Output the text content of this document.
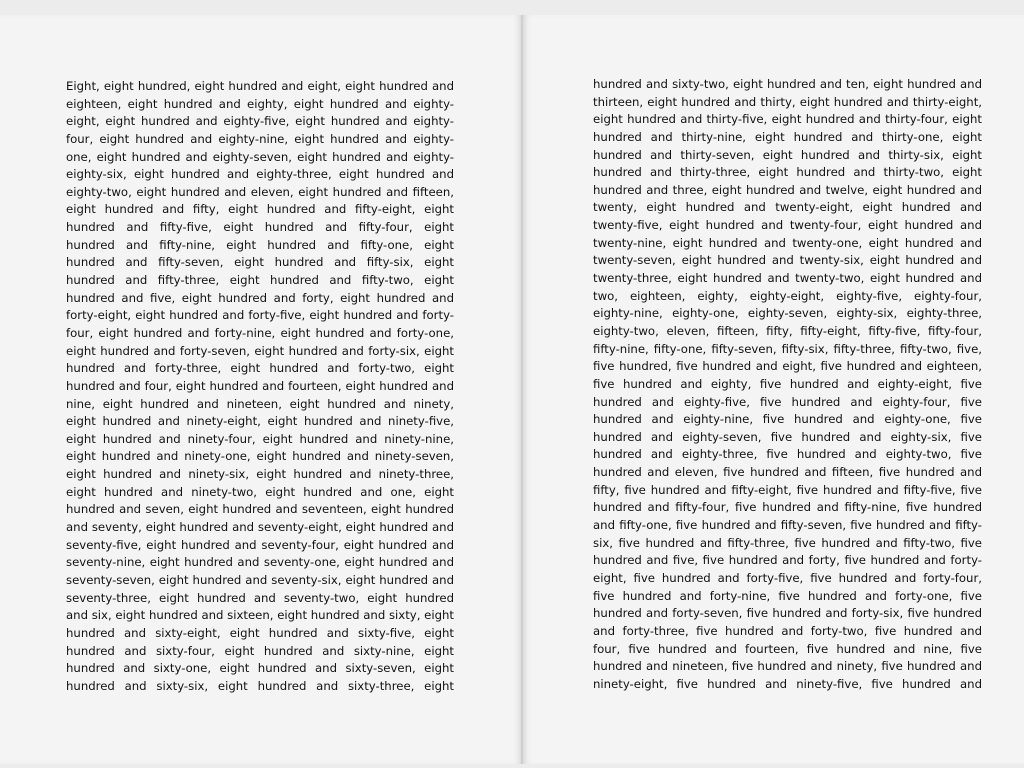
Eight, eight hundred, eight hundred and eight, eight hundred and
eighteen, eight hundred and eighty, eight hundred and eighty-
eight, eight hundred and eighty-five, eight hundred and eighty-
four, eight hundred and eighty-nine, eight hundred and eighty-
one, eight hundred and eighty-seven, eight hundred and eighty-
eighty-six, eight hundred and eighty-three, eight hundred and
eighty-two, eight hundred and eleven, eight hundred and fifteen,
eight hundred and fifty, eight hundred and fifty-eight, eight
hundred and fifty-five, eight hundred and fifty-four, eight
hundred and fifty-nine, eight hundred and fifty-one, eight
hundred and fifty-seven, eight hundred and fifty-six, eight
hundred and fifty-three, eight hundred and fifty-two, eight
hundred and five, eight hundred and forty, eight hundred and
forty-eight, eight hundred and forty-five, eight hundred and forty-
four, eight hundred and forty-nine, eight hundred and forty-one,
eight hundred and forty-seven, eight hundred and forty-six, eight
hundred and forty-three, eight hundred and forty-two, eight
hundred and four, eight hundred and fourteen, eight hundred and
nine, eight hundred and nineteen, eight hundred and ninety,
eight hundred and ninety-eight, eight hundred and ninety-five,
eight hundred and ninety-four, eight hundred and ninety-nine,
eight hundred and ninety-one, eight hundred and ninety-seven,
eight hundred and ninety-six, eight hundred and ninety-three,
eight hundred and ninety-two, eight hundred and one, eight
hundred and seven, eight hundred and seventeen, eight hundred
and seventy, eight hundred and seventy-eight, eight hundred and
seventy-five, eight hundred and seventy-four, eight hundred and
seventy-nine, eight hundred and seventy-one, eight hundred and
seventy-seven, eight hundred and seventy-six, eight hundred and
seventy-three, eight hundred and seventy-two, eight hundred
and six, eight hundred and sixteen, eight hundred and sixty, eight
hundred and sixty-eight, eight hundred and sixty-five, eight
hundred and sixty-four, eight hundred and sixty-nine, eight
hundred and sixty-one, eight hundred and sixty-seven, eight
hundred and sixty-six, eight hundred and sixty-three, eight
hundred and sixty-two, eight hundred and ten, eight hundred and
thirteen, eight hundred and thirty, eight hundred and thirty-eight,
eight hundred and thirty-five, eight hundred and thirty-four, eight
hundred and thirty-nine, eight hundred and thirty-one, eight
hundred and thirty-seven, eight hundred and thirty-six, eight
hundred and thirty-three, eight hundred and thirty-two, eight
hundred and three, eight hundred and twelve, eight hundred and
twenty, eight hundred and twenty-eight, eight hundred and
twenty-five, eight hundred and twenty-four, eight hundred and
twenty-nine, eight hundred and twenty-one, eight hundred and
twenty-seven, eight hundred and twenty-six, eight hundred and
twenty-three, eight hundred and twenty-two, eight hundred and
two, eighteen, eighty, eighty-eight, eighty-five, eighty-four,
eighty-nine, eighty-one, eighty-seven, eighty-six, eighty-three,
eighty-two, eleven, fifteen, fifty, fifty-eight, fifty-five, fifty-four,
fifty-nine, fifty-one, fifty-seven, fifty-six, fifty-three, fifty-two, five,
five hundred, five hundred and eight, five hundred and eighteen,
five hundred and eighty, five hundred and eighty-eight, five
hundred and eighty-five, five hundred and eighty-four, five
hundred and eighty-nine, five hundred and eighty-one, five
hundred and eighty-seven, five hundred and eighty-six, five
hundred and eighty-three, five hundred and eighty-two, five
hundred and eleven, five hundred and fifteen, five hundred and
fifty, five hundred and fifty-eight, five hundred and fifty-five, five
hundred and fifty-four, five hundred and fifty-nine, five hundred
and fifty-one, five hundred and fifty-seven, five hundred and fifty-
six, five hundred and fifty-three, five hundred and fifty-two, five
hundred and five, five hundred and forty, five hundred and forty-
eight, five hundred and forty-five, five hundred and forty-four,
five hundred and forty-nine, five hundred and forty-one, five
hundred and forty-seven, five hundred and forty-six, five hundred
and forty-three, five hundred and forty-two, five hundred and
four, five hundred and fourteen, five hundred and nine, five
hundred and nineteen, five hundred and ninety, five hundred and
ninety-eight, five hundred and ninety-five, five hundred and
